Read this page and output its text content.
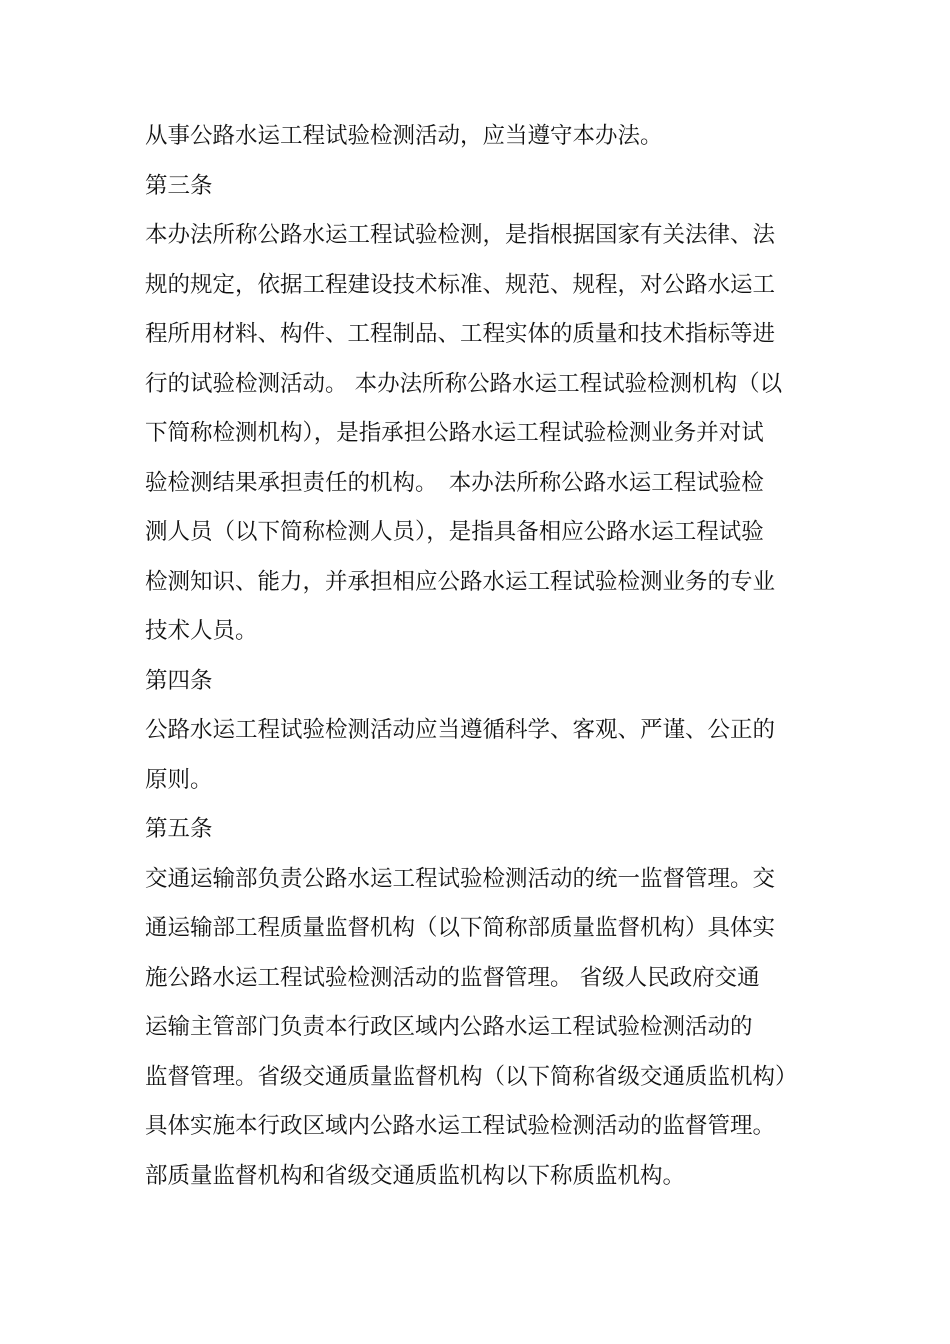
从事公路水运工程试验检测活动，应当遵守本办法。
第三条
本办法所称公路水运工程试验检测，是指根据国家有关法律、法
规的规定，依据工程建设技术标准、规范、规程，对公路水运工
程所用材料、构件、工程制品、工程实体的质量和技术指标等进
行的试验检测活动。 本办法所称公路水运工程试验检测机构（以
下简称检测机构），是指承担公路水运工程试验检测业务并对试
验检测结果承担责任的机构。　本办法所称公路水运工程试验检
测人员（以下简称检测人员），是指具备相应公路水运工程试验
检测知识、能力，并承担相应公路水运工程试验检测业务的专业
技术人员。
第四条
公路水运工程试验检测活动应当遵循科学、客观、严谨、公正的
原则。
第五条
交通运输部负责公路水运工程试验检测活动的统一监督管理。交
通运输部工程质量监督机构（以下简称部质量监督机构）具体实
施公路水运工程试验检测活动的监督管理。 省级人民政府交通
运输主管部门负责本行政区域内公路水运工程试验检测活动的
监督管理。省级交通质量监督机构（以下简称省级交通质监机构）
具体实施本行政区域内公路水运工程试验检测活动的监督管理。
部质量监督机构和省级交通质监机构以下称质监机构。
